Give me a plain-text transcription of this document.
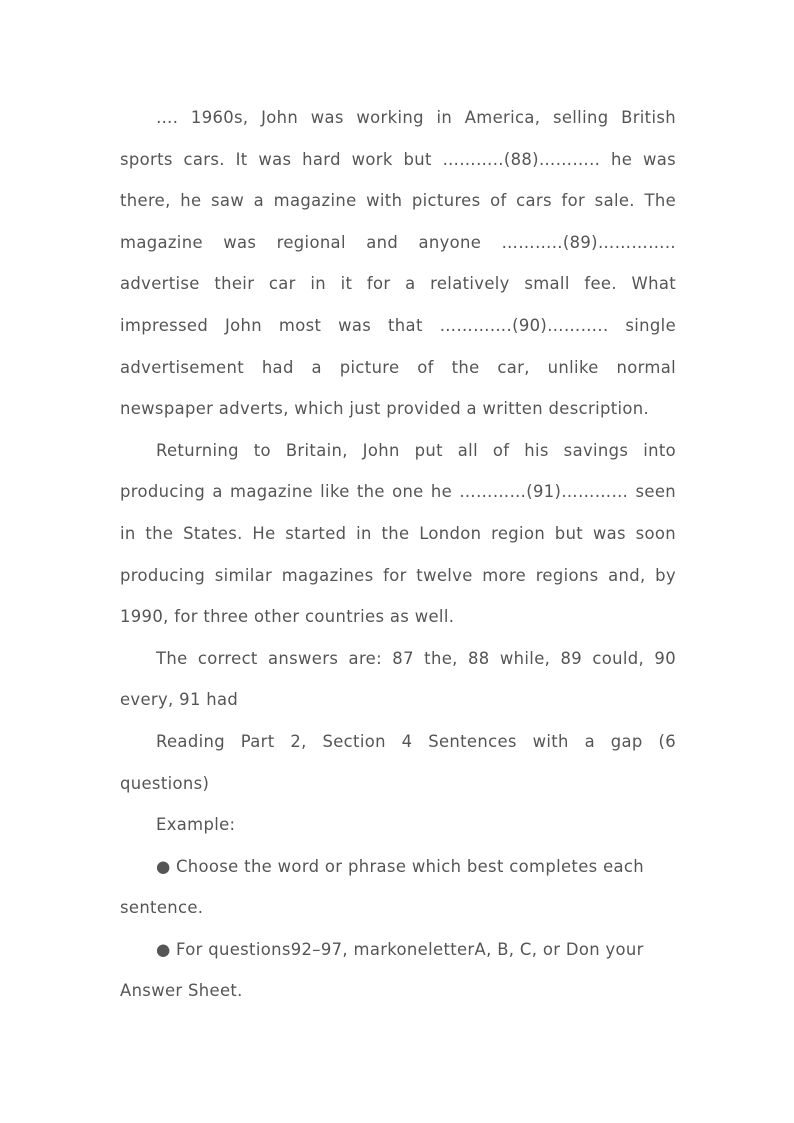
…. 1960s, John was working in America, selling British sports cars. It was hard work but ………..(88)……….. he was there, he saw a magazine with pictures of cars for sale. The magazine was regional and anyone ………..(89)………….. advertise their car in it for a relatively small fee. What impressed John most was that ………….(90)……….. single advertisement had a picture of the car, unlike normal newspaper adverts, which just provided a written description.

Returning to Britain, John put all of his savings into producing a magazine like the one he …………(91)………… seen in the States. He started in the London region but was soon producing similar magazines for twelve more regions and, by 1990, for three other countries as well.

The correct answers are: 87 the, 88 while, 89 could, 90 every, 91 had

Reading Part 2, Section 4 Sentences with a gap (6 questions)

Example:

● Choose the word or phrase which best completes each sentence.

● For questions92–97, markoneletterA, B, C, or Don your Answer Sheet.
